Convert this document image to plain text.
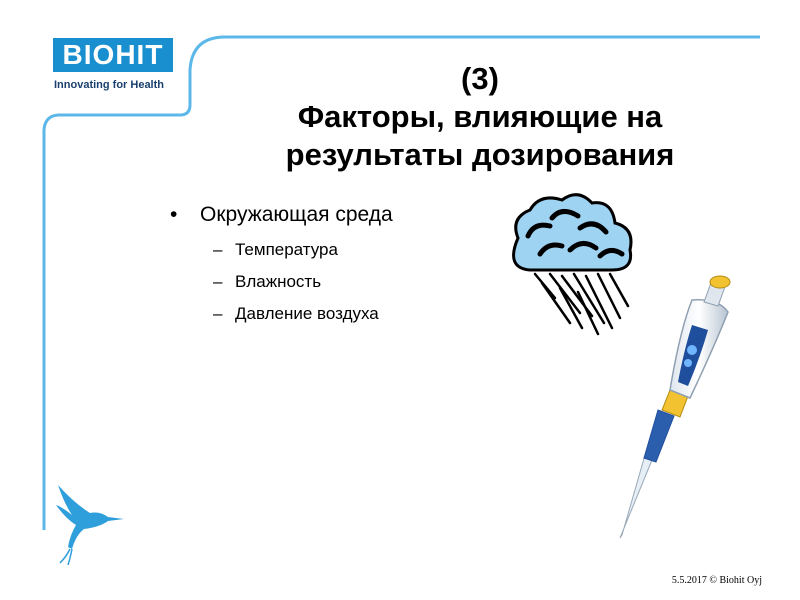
BIOHIT
Innovating for Health	(3)
Факторы, влияющие на
результаты дозирования
• Окружающая среда
– Температура
– Влажность
– Давление воздуха
5.5.2017 © Biohit Oyj
